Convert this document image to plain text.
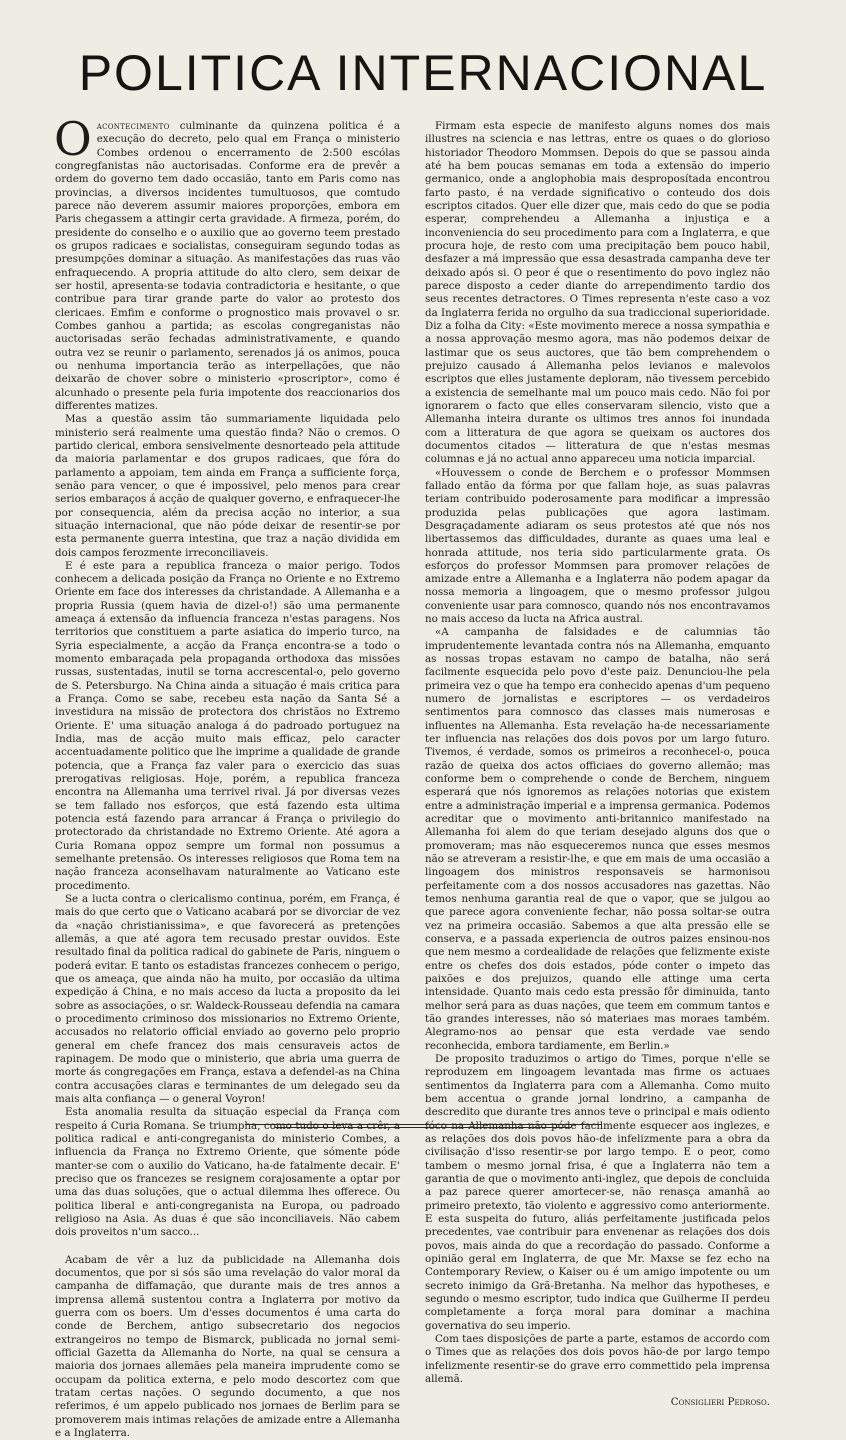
POLITICA INTERNACIONAL

Oacontecimento culminante da quinzena politica é a execução do decreto, pelo qual em França o ministerio Combes ordenou o encerramento de 2:500 escólas congregfanistas não auctorisadas. Conforme era de prevêr a ordem do governo tem dado occasião, tanto em Paris como nas provincias, a diversos incidentes tumultuosos, que comtudo parece não deverem assumir maiores proporções, embora em Paris chegassem a attingir certa gravidade. A firmeza, porém, do presidente do conselho e o auxilio que ao governo teem prestado os grupos radicaes e socialistas, conseguiram segundo todas as presumpções dominar a situação. As manifestações das ruas vão enfraquecendo. A propria attitude do alto clero, sem deixar de ser hostil, apresenta-se todavia contradictoria e hesitante, o que contribue para tirar grande parte do valor ao protesto dos clericaes. Emfim e conforme o prognostico mais provavel o sr. Combes ganhou a partida; as escolas congreganistas não auctorisadas serão fechadas administrativamente, e quando outra vez se reunir o parlamento, serenados já os animos, pouca ou nenhuma importancia terão as interpellações, que não deixarão de chover sobre o ministerio «proscriptor», como é alcunhado o presente pela furia impotente dos reaccionarios dos differentes matizes.

Mas a questão assim tão summariamente liquidada pelo ministerio será realmente uma questão finda? Não o cremos. O partido clerical, embora sensivelmente desnorteado pela attitude da maioria parlamentar e dos grupos radicaes, que fóra do parlamento a appoiam, tem ainda em França a sufficiente força, senão para vencer, o que é impossivel, pelo menos para crear serios embaraços á acção de qualquer governo, e enfraquecer-lhe por consequencia, além da precisa acção no interior, a sua situação internacional, que não póde deixar de resentir-se por esta permanente guerra intestina, que traz a nação dividida em dois campos ferozmente irreconciliaveis.

E é este para a republica franceza o maior perigo. Todos conhecem a delicada posição da França no Oriente e no Extremo Oriente em face dos interesses da christandade. A Allemanha e a propria Russia (quem havia de dizel-o!) são uma permanente ameaça á extensão da influencia franceza n'estas paragens. Nos territorios que constituem a parte asiatica do imperio turco, na Syria especialmente, a acção da França encontra-se a todo o momento embaraçada pela propaganda orthodoxa das missões russas, sustentadas, inutil se torna accrescental-o, pelo governo de S. Petersburgo. Na China ainda a situação é mais critica para a França. Como se sabe, recebeu esta nação da Santa Sé a investidura na missão de protectora dos christãos no Extremo Oriente. E' uma situação analoga á do padroado portuguez na India, mas de acção muito mais efficaz, pelo caracter accentuadamente politico que lhe imprime a qualidade de grande potencia, que a França faz valer para o exercicio das suas prerogativas religiosas. Hoje, porém, a republica franceza encontra na Allemanha uma terrivel rival. Já por diversas vezes se tem fallado nos esforços, que está fazendo esta ultima potencia está fazendo para arrancar á França o privilegio do protectorado da christandade no Extremo Oriente. Até agora a Curia Romana oppoz sempre um formal non possumus a semelhante pretensão. Os interesses religiosos que Roma tem na nação franceza aconselhavam naturalmente ao Vaticano este procedimento.

Se a lucta contra o clericalismo continua, porém, em França, é mais do que certo que o Vaticano acabará por se divorciar de vez da «nação christianissima», e que favorecerá as pretenções allemãs, a que até agora tem recusado prestar ouvidos. Este resultado final da politica radical do gabinete de Paris, ninguem o poderá evitar. E tanto os estadistas francezes conhecem o perigo, que os ameaça, que ainda não ha muito, por occasião da ultima expedição á China, e no mais acceso da lucta a proposito da lei sobre as associações, o sr. Waldeck-Rousseau defendia na camara o procedimento criminoso dos missionarios no Extremo Oriente, accusados no relatorio official enviado ao governo pelo proprio general em chefe francez dos mais censuraveis actos de rapinagem. De modo que o ministerio, que abria uma guerra de morte ás congregações em França, estava a defendel-as na China contra accusações claras e terminantes de um delegado seu da mais alta confiança — o general Voyron!

Esta anomalia resulta da situação especial da França com respeito á Curia Romana. Se triumpha, como tudo o leva a crêr, a politica radical e anti-congreganista do ministerio Combes, a influencia da França no Extremo Oriente, que sómente póde manter-se com o auxilio do Vaticano, ha-de fatalmente decair. E' preciso que os francezes se resignem corajosamente a optar por uma das duas soluções, que o actual dilemma lhes offerece. Ou politica liberal e anti-congreganista na Europa, ou padroado religioso na Asia. As duas é que são inconciliaveis. Não cabem dois proveitos n'um sacco...

Acabam de vêr a luz da publicidade na Allemanha dois documentos, que por si sós são uma revelação do valor moral da campanha de diffamação, que durante mais de tres annos a imprensa allemã sustentou contra a Inglaterra por motivo da guerra com os boers. Um d'esses documentos é uma carta do conde de Berchem, antigo subsecretario dos negocios extrangeiros no tempo de Bismarck, publicada no jornal semi-official Gazetta da Allemanha do Norte, na qual se censura a maioria dos jornaes allemães pela maneira imprudente como se occupam da politica externa, e pelo modo descortez com que tratam certas nações. O segundo documento, a que nos referimos, é um appelo publicado nos jornaes de Berlim para se promoverem mais intimas relações de amizade entre a Allemanha e a Inglaterra.

Firmam esta especie de manifesto alguns nomes dos mais illustres na sciencia e nas lettras, entre os quaes o do glorioso historiador Theodoro Mommsen. Depois do que se passou ainda até ha bem poucas semanas em toda a extensão do imperio germanico, onde a anglophobia mais desproposítada encontrou farto pasto, é na verdade significativo o conteudo dos dois escriptos citados. Quer elle dizer que, mais cedo do que se podia esperar, comprehendeu a Allemanha a injustiça e a inconveniencia do seu procedimento para com a Inglaterra, e que procura hoje, de resto com uma precipitação bem pouco habil, desfazer a má impressão que essa desastrada campanha deve ter deixado após si. O peor é que o resentimento do povo inglez não parece disposto a ceder diante do arrependimento tardio dos seus recentes detractores. O Times representa n'este caso a voz da Inglaterra ferida no orgulho da sua tradiccional superioridade. Diz a folha da City: «Este movimento merece a nossa sympathia e a nossa approvação mesmo agora, mas não podemos deixar de lastimar que os seus auctores, que tão bem comprehendem o prejuizo causado á Allemanha pelos levianos e malevolos escriptos que elles justamente deploram, não tivessem percebido a existencia de semelhante mal um pouco mais cedo. Não foi por ignorarem o facto que elles conservaram silencio, visto que a Allemanha inteira durante os ultimos tres annos foi inundada com a litteratura de que agora se queixam os auctores dos documentos citados — litteratura de que n'estas mesmas columnas e já no actual anno appareceu uma noticia imparcial.

«Houvessem o conde de Berchem e o professor Mommsen fallado então da fórma por que fallam hoje, as suas palavras teriam contribuido poderosamente para modificar a impressão produzida pelas publicações que agora lastimam. Desgraçadamente adiaram os seus protestos até que nós nos libertassemos das difficuldades, durante as quaes uma leal e honrada attitude, nos teria sido particularmente grata. Os esforços do professor Mommsen para promover relações de amizade entre a Allemanha e a Inglaterra não podem apagar da nossa memoria a lingoagem, que o mesmo professor julgou conveniente usar para comnosco, quando nós nos encontravamos no mais acceso da lucta na Africa austral.

«A campanha de falsidades e de calumnias tão imprudentemente levantada contra nós na Allemanha, emquanto as nossas tropas estavam no campo de batalha, não será facilmente esquecida pelo povo d'este paiz. Denunciou-lhe pela primeira vez o que ha tempo era conhecido apenas d'um pequeno numero de jornalistas e escriptores — os verdadeiros sentimentos para comnosco das classes mais numerosas e influentes na Allemanha. Esta revelação ha-de necessariamente ter influencia nas relações dos dois povos por um largo futuro. Tivemos, é verdade, somos os primeiros a reconhecel-o, pouca razão de queixa dos actos officiaes do governo allemão; mas conforme bem o comprehende o conde de Berchem, ninguem esperará que nós ignoremos as relações notorias que existem entre a administração imperial e a imprensa germanica. Podemos acreditar que o movimento anti-britannico manifestado na Allemanha foi alem do que teriam desejado alguns dos que o promoveram; mas não esqueceremos nunca que esses mesmos não se atreveram a resistir-lhe, e que em mais de uma occasião a lingoagem dos ministros responsaveis se harmonisou perfeitamente com a dos nossos accusadores nas gazettas. Não temos nenhuma garantia real de que o vapor, que se julgou ao que parece agora conveniente fechar, não possa soltar-se outra vez na primeira occasião. Sabemos a que alta pressão elle se conserva, e a passada experiencia de outros paizes ensinou-nos que nem mesmo a cordealidade de relações que felizmente existe entre os chefes dos dois estados, póde conter o impeto das paixões e dos prejuizos, quando elle attinge uma certa intensidade. Quanto mais cedo esta pressão fôr diminuida, tanto melhor será para as duas nações, que teem em commum tantos e tão grandes interesses, não só materiaes mas moraes também. Alegramo-nos ao pensar que esta verdade vae sendo reconhecida, embora tardiamente, em Berlin.»

De proposito traduzimos o artigo do Times, porque n'elle se reproduzem em lingoagem levantada mas firme os actuaes sentimentos da Inglaterra para com a Allemanha. Como muito bem accentua o grande jornal londrino, a campanha de descredito que durante tres annos teve o principal e mais odiento fóco na Allemanha não póde facilmente esquecer aos inglezes, e as relações dos dois povos hão-de infelizmente para a obra da civilisação d'isso resentir-se por largo tempo. E o peor, como tambem o mesmo jornal frisa, é que a Inglaterra não tem a garantia de que o movimento anti-inglez, que depois de concluida a paz parece querer amortecer-se, não renasça amanhã ao primeiro pretexto, tão violento e aggressivo como anteriormente. E esta suspeita do futuro, aliás perfeitamente justificada pelos precedentes, vae contribuir para envenenar as relações dos dois povos, mais ainda do que a recordação do passado. Conforme a opinião geral em Inglaterra, de que Mr. Maxse se fez echo na Contemporary Review, o Kaiser ou é um amigo impotente ou um secreto inimigo da Grã-Bretanha. Na melhor das hypotheses, e segundo o mesmo escriptor, tudo indica que Guilherme II perdeu completamente a força moral para dominar a machina governativa do seu imperio.

Com taes disposições de parte a parte, estamos de accordo com o Times que as relações dos dois povos hão-de por largo tempo infelizmente resentir-se do grave erro commettido pela imprensa allemã.

Consiglieri Pedroso.
